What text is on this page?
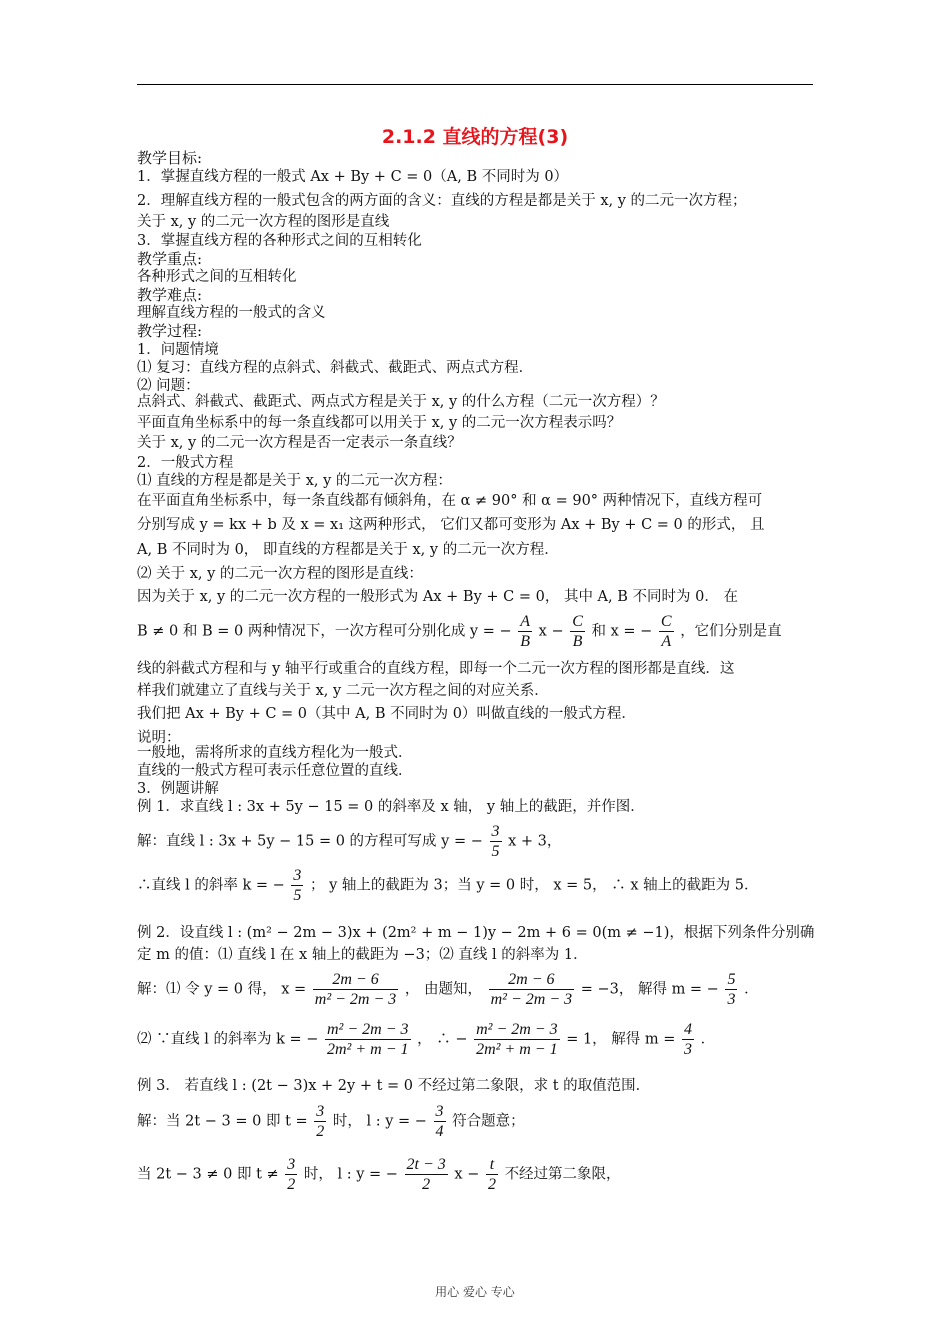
2.1.2 直线的方程(3)
教学目标:
1．掌握直线方程的一般式 Ax + By + C = 0（A, B 不同时为 0）
2．理解直线方程的一般式包含的两方面的含义：直线的方程是都是关于 x, y 的二元一次方程；
关于 x, y 的二元一次方程的图形是直线
3．掌握直线方程的各种形式之间的互相转化
教学重点:
各种形式之间的互相转化
教学难点:
理解直线方程的一般式的含义
教学过程:
1．问题情境
⑴ 复习：直线方程的点斜式、斜截式、截距式、两点式方程．
⑵ 问题：
点斜式、斜截式、截距式、两点式方程是关于 x, y 的什么方程（二元一次方程）？
平面直角坐标系中的每一条直线都可以用关于 x, y 的二元一次方程表示吗？
关于 x, y 的二元一次方程是否一定表示一条直线？
2．一般式方程
⑴ 直线的方程是都是关于 x, y 的二元一次方程：
在平面直角坐标系中，每一条直线都有倾斜角，在 α ≠ 90° 和 α = 90° 两种情况下，直线方程可
分别写成 y = kx + b 及 x = x₁ 这两种形式， 它们又都可变形为 Ax + By + C = 0 的形式， 且
A, B 不同时为 0， 即直线的方程都是关于 x, y 的二元一次方程．
⑵ 关于 x, y 的二元一次方程的图形是直线：
因为关于 x, y 的二元一次方程的一般形式为 Ax + By + C = 0， 其中 A, B 不同时为 0． 在
线的斜截式方程和与 y 轴平行或重合的直线方程，即每一个二元一次方程的图形都是直线．这
样我们就建立了直线与关于 x, y 二元一次方程之间的对应关系．
我们把 Ax + By + C = 0（其中 A, B 不同时为 0）叫做直线的一般式方程．
说明：
一般地，需将所求的直线方程化为一般式．
直线的一般式方程可表示任意位置的直线．
3．例题讲解
例 1．求直线 l : 3x + 5y − 15 = 0 的斜率及 x 轴， y 轴上的截距，并作图．
例 2．设直线 l : (m² − 2m − 3)x + (2m² + m − 1)y − 2m + 6 = 0(m ≠ −1)，根据下列条件分别确
定 m 的值：⑴ 直线 l 在 x 轴上的截距为 −3；⑵ 直线 l 的斜率为 1．
例 3． 若直线 l : (2t − 3)x + 2y + t = 0 不经过第二象限，求 t 的取值范围．
B ≠ 0 和 B = 0 两种情况下，一次方程可分别化成 y = − $\frac{A}{B}$ $x - \frac{C}{B}$ 和 x = − $\frac{C}{A}$ ，它们分别是直
解：直线 l : 3x + 5y − 15 = 0 的方程可写成 y = − $\frac{3}{5}$ x + 3，
∴直线 l 的斜率 k = − $\frac{3}{5}$ ； y 轴上的截距为 3；当 y = 0 时， x = 5， ∴ x 轴上的截距为 5．
解：⑴ 令 y = 0 得， $x = \frac{2m - 6}{\text{m² − 2m − 3}}$ ， 由题知， $\frac{2m - 6}{\text{m² − 2m − 3}} = -3$， 解得 m = − $\frac{5}{3}$ ．
⑵ ∵直线 l 的斜率为 k = − $\frac{\text{m² − 2m − 3}}{\text{2m² + m − 1}}$ ， ∴ − $\frac{\text{m² − 2m − 3}}{\text{2m² + m − 1}} = 1$， 解得 $m = \frac{4}{3}$ ．
解：当 2t − 3 = 0 即 $t = \frac{3}{2}$ 时， l : y = − $\frac{3}{4}$ 符合题意；
当 2t − 3 ≠ 0 即 $t \ne \frac{3}{2}$ 时， l : y = − $\frac{2t - 3}{2}$ $x - \frac{t}{2}$ 不经过第二象限，
用心 爱心 专心
